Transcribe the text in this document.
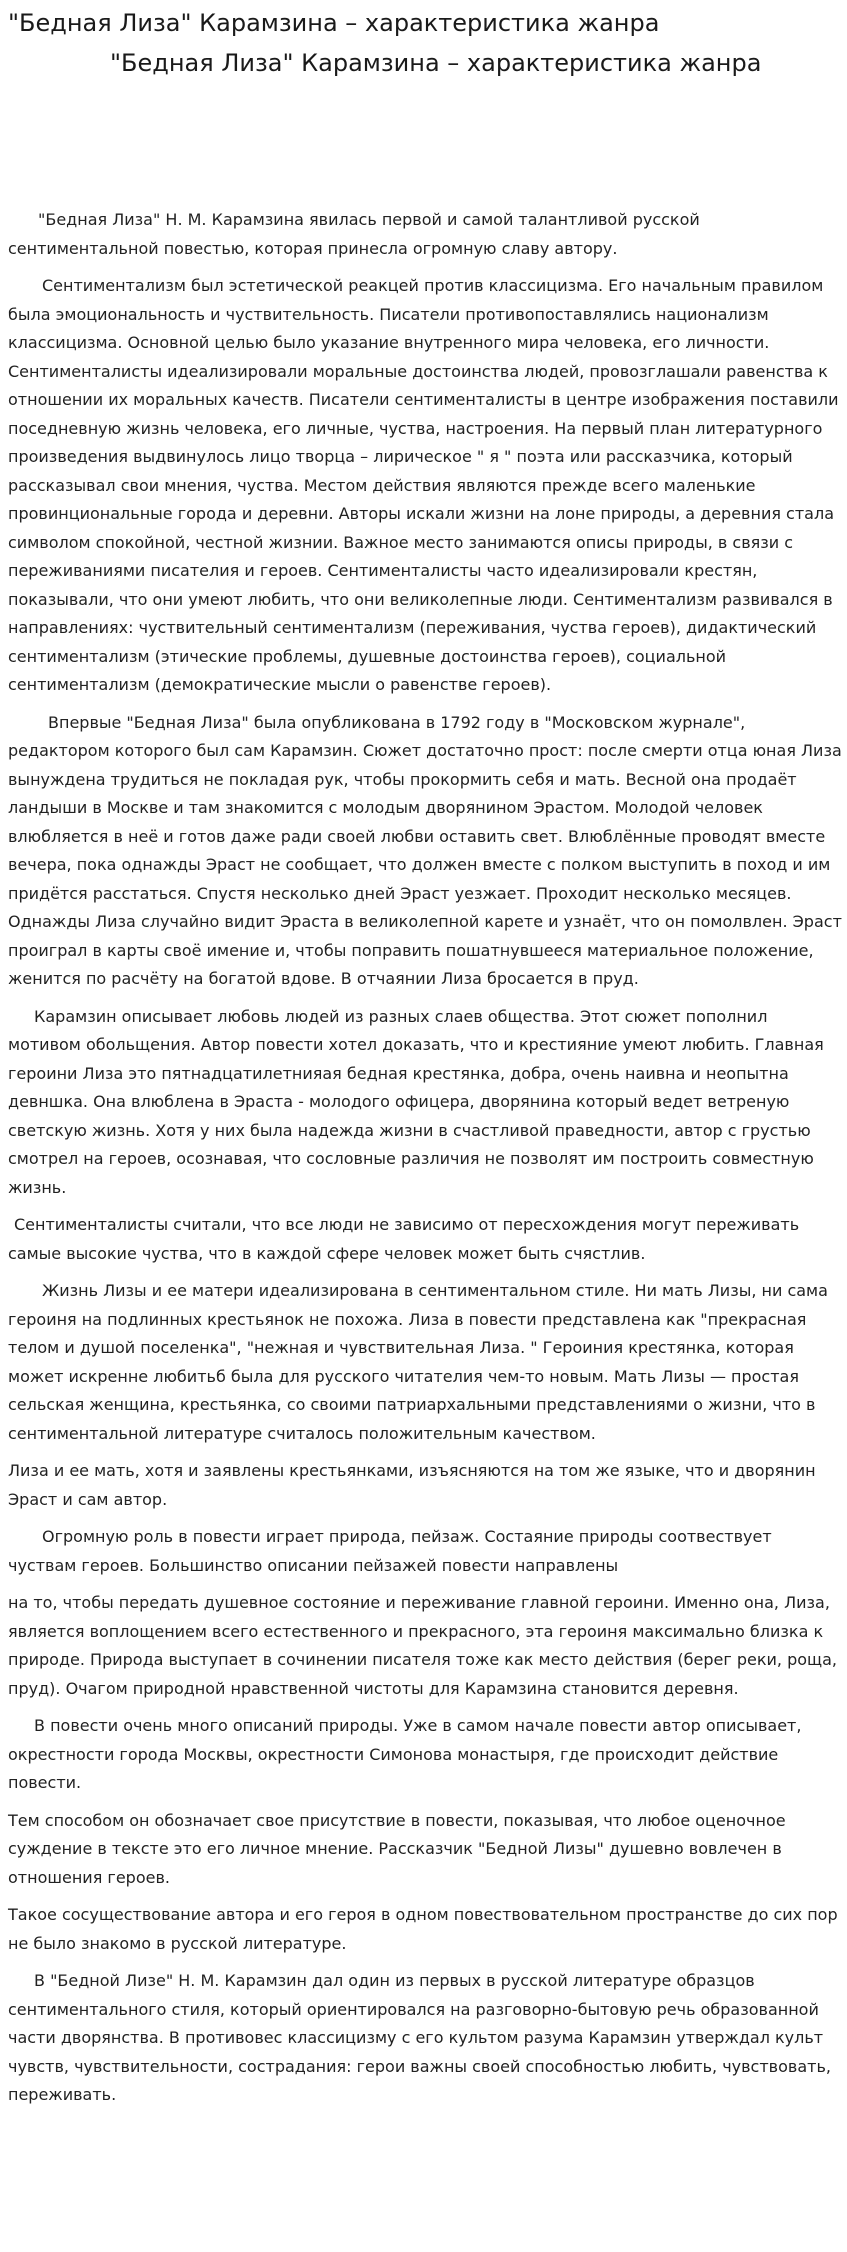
"Бедная Лиза" Карамзина – характеристика жанра
"Бедная Лиза" Карамзина – характеристика жанра

"Бедная Лиза" Н. М. Карамзина явилась первой и самой талантливой русской сентиментальной повестью, которая принесла огромную славу автору.

Сентиментализм был эстетической реакцей против классицизма. Его начальным правилом была эмоциональность и чуствительность. Писатели противопоставлялись национализм классицизма. Основной целью было указание внутренного мира человека, его личности. Сентименталисты идеализировали моральные достоинства людей, провозглашали равенства к отношении их моральных качеств. Писатели сентименталисты в центре изображения поставили поседневную жизнь человека, его личные, чуства, настроения. На первый план литературного произведения выдвинулось лицо творца – лирическое " я " поэта или рассказчика, который рассказывал свои мнения, чуства. Местом действия являются прежде всего маленькие провинциональные города и деревни. Авторы искали жизни на лоне природы, а деревния стала символом спокойной, честной жизнии. Важное место занимаются описы природы, в связи с переживаниями писателия и героев. Сентименталисты часто идеализировали крестян, показывали, что они умеют любить, что они великолепные люди. Сентиментализм развивался в направлениях: чуствительный сентиментализм (переживания, чуства героев), дидактический сентиментализм (этические проблемы, душевные достоинства героев), социальной сентиментализм (демократические мысли о равенстве героев).

Впервые "Бедная Лиза" была опубликована в 1792 году в "Московском журнале", редактором которого был сам Карамзин. Сюжет достаточно прост: после смерти отца юная Лиза вынуждена трудиться не покладая рук, чтобы прокормить себя и мать. Весной она продаёт ландыши в Москве и там знакомится с молодым дворянином Эрастом. Молодой человек влюбляется в неё и готов даже ради своей любви оставить свет. Влюблённые проводят вместе вечера, пока однажды Эраст не сообщает, что должен вместе с полком выступить в поход и им придётся расстаться. Спустя несколько дней Эраст уезжает. Проходит несколько месяцев. Однажды Лиза случайно видит Эраста в великолепной карете и узнаёт, что он помолвлен. Эраст проиграл в карты своё имение и, чтобы поправить пошатнувшееся материальное положение, женится по расчёту на богатой вдове. В отчаянии Лиза бросается в пруд.

Карамзин описывает любовь людей из разных слаев общества. Этот сюжет пополнил мотивом обольщения. Автор повести хотел доказать, что и крестияние умеют любить. Главная героини Лиза это пятнадцатилетнияая бедная крестянка, добра, очень наивна и неопытна девншка. Она влюблена в Эраста - молодого офицера, дворянина который ведет ветреную светскую жизнь. Хотя у них была надежда жизни в счастливой праведности, автор с грустью смотрел на героев, осознавая, что сословные различия не позволят им построить совместную жизнь.

Сентименталисты считали, что все люди не зависимо от пересхождения могут переживать самые высокие чуства, что в каждой сфере человек может быть счястлив.

Жизнь Лизы и ее матери идеализирована в сентиментальном стиле. Ни мать Лизы, ни сама героиня на подлинных крестьянок не похожа. Лиза в повести представлена как "прекрасная телом и душой поселенка", "нежная и чувствительная Лиза. " Героиния крестянка, которая может искренне любитьб была для русского читателия чем-то новым. Мать Лизы — простая сельская женщина, крестьянка, со своими патриархальными представлениями о жизни, что в сентиментальной литературе считалось положительным качеством.

Лиза и ее мать, хотя и заявлены крестьянками, изъясняются на том же языке, что и дворянин Эраст и сам автор.

Огромную роль в повести играет природа, пейзаж. Состаяние природы соотвествует чуствам героев. Большинство описании пейзажей повести направлены

на то, чтобы передать душевное состояние и переживание главной героини. Именно она, Лиза, является воплощением всего естественного и прекрасного, эта героиня максимально близка к природе. Природа выступает в сочинении писателя тоже как место действия (берег реки, роща, пруд). Очагом природной нравственной чистоты для Карамзина становится деревня.

В повести очень много описаний природы. Уже в самом начале повести автор описывает, окрестности города Москвы, окрестности Симонова монастыря, где происходит действие повести.

Тем способом он обозначает свое присутствие в повести, показывая, что любое оценочное суждение в тексте это его личное мнение. Рассказчик "Бедной Лизы" душевно вовлечен в отношения героев.

Такое сосуществование автора и его героя в одном повествовательном пространстве до сих пор не было знакомо в русской литературе.

В "Бедной Лизе" Н. М. Карамзин дал один из первых в русской литературе образцов сентиментального стиля, который ориентировался на разговорно-бытовую речь образованной части дворянства. В противовес классицизму с его культом разума Карамзин утверждал культ чувств, чувствительности, сострадания: герои важны своей способностью любить, чувствовать, переживать.
